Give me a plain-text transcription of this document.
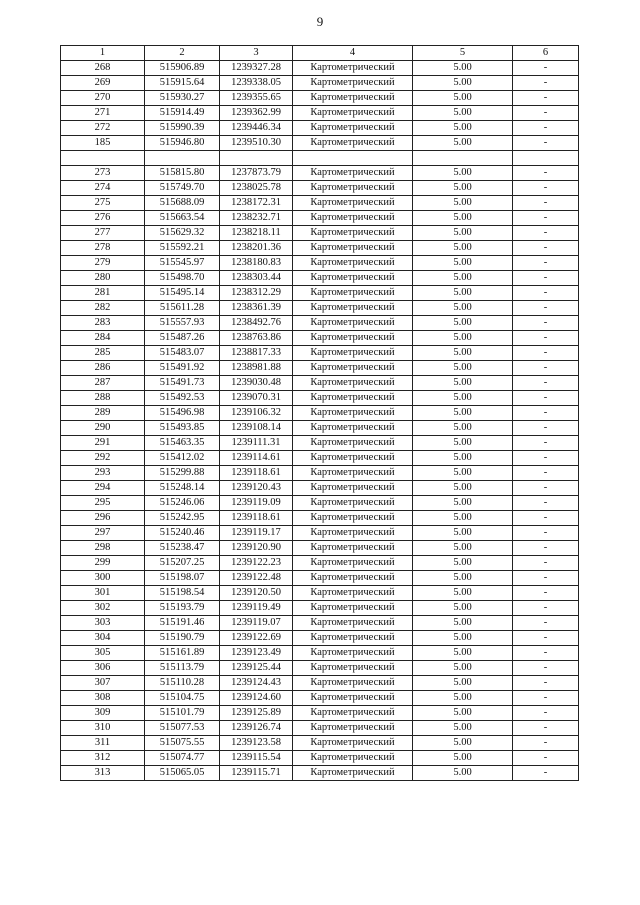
9
1	2	3	4	5	6
268	515906.89	1239327.28	Картометрический	5.00	-
269	515915.64	1239338.05	Картометрический	5.00	-
270	515930.27	1239355.65	Картометрический	5.00	-
271	515914.49	1239362.99	Картометрический	5.00	-
272	515990.39	1239446.34	Картометрический	5.00	-
185	515946.80	1239510.30	Картометрический	5.00	-

273	515815.80	1237873.79	Картометрический	5.00	-
274	515749.70	1238025.78	Картометрический	5.00	-
275	515688.09	1238172.31	Картометрический	5.00	-
276	515663.54	1238232.71	Картометрический	5.00	-
277	515629.32	1238218.11	Картометрический	5.00	-
278	515592.21	1238201.36	Картометрический	5.00	-
279	515545.97	1238180.83	Картометрический	5.00	-
280	515498.70	1238303.44	Картометрический	5.00	-
281	515495.14	1238312.29	Картометрический	5.00	-
282	515611.28	1238361.39	Картометрический	5.00	-
283	515557.93	1238492.76	Картометрический	5.00	-
284	515487.26	1238763.86	Картометрический	5.00	-
285	515483.07	1238817.33	Картометрический	5.00	-
286	515491.92	1238981.88	Картометрический	5.00	-
287	515491.73	1239030.48	Картометрический	5.00	-
288	515492.53	1239070.31	Картометрический	5.00	-
289	515496.98	1239106.32	Картометрический	5.00	-
290	515493.85	1239108.14	Картометрический	5.00	-
291	515463.35	1239111.31	Картометрический	5.00	-
292	515412.02	1239114.61	Картометрический	5.00	-
293	515299.88	1239118.61	Картометрический	5.00	-
294	515248.14	1239120.43	Картометрический	5.00	-
295	515246.06	1239119.09	Картометрический	5.00	-
296	515242.95	1239118.61	Картометрический	5.00	-
297	515240.46	1239119.17	Картометрический	5.00	-
298	515238.47	1239120.90	Картометрический	5.00	-
299	515207.25	1239122.23	Картометрический	5.00	-
300	515198.07	1239122.48	Картометрический	5.00	-
301	515198.54	1239120.50	Картометрический	5.00	-
302	515193.79	1239119.49	Картометрический	5.00	-
303	515191.46	1239119.07	Картометрический	5.00	-
304	515190.79	1239122.69	Картометрический	5.00	-
305	515161.89	1239123.49	Картометрический	5.00	-
306	515113.79	1239125.44	Картометрический	5.00	-
307	515110.28	1239124.43	Картометрический	5.00	-
308	515104.75	1239124.60	Картометрический	5.00	-
309	515101.79	1239125.89	Картометрический	5.00	-
310	515077.53	1239126.74	Картометрический	5.00	-
311	515075.55	1239123.58	Картометрический	5.00	-
312	515074.77	1239115.54	Картометрический	5.00	-
313	515065.05	1239115.71	Картометрический	5.00	-
